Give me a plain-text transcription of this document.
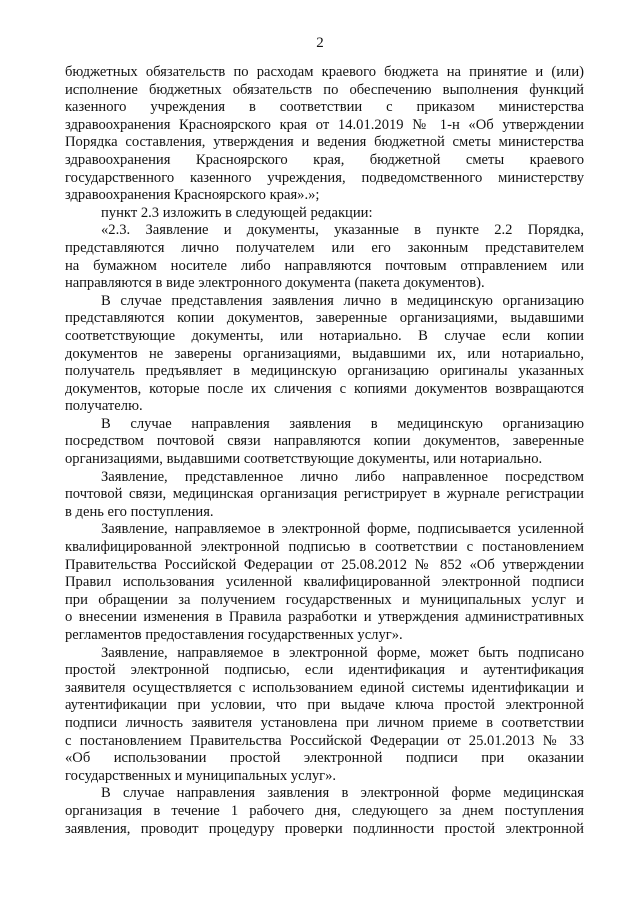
2
бюджетных обязательств по расходам краевого бюджета на принятие и (или)
исполнение бюджетных обязательств по обеспечению выполнения функций
казенного учреждения в соответствии с приказом министерства
здравоохранения Красноярского края от 14.01.2019 № 1-н «Об утверждении
Порядка составления, утверждения и ведения бюджетной сметы министерства
здравоохранения Красноярского края, бюджетной сметы краевого
государственного казенного учреждения, подведомственного министерству
здравоохранения Красноярского края».»;
пункт 2.3 изложить в следующей редакции:
«2.3. Заявление и документы, указанные в пункте 2.2 Порядка,
представляются лично получателем или его законным представителем
на бумажном носителе либо направляются почтовым отправлением или
направляются в виде электронного документа (пакета документов).
В случае представления заявления лично в медицинскую организацию
представляются копии документов, заверенные организациями, выдавшими
соответствующие документы, или нотариально. В случае если копии
документов не заверены организациями, выдавшими их, или нотариально,
получатель предъявляет в медицинскую организацию оригиналы указанных
документов, которые после их сличения с копиями документов возвращаются
получателю.
В случае направления заявления в медицинскую организацию
посредством почтовой связи направляются копии документов, заверенные
организациями, выдавшими соответствующие документы, или нотариально.
Заявление, представленное лично либо направленное посредством
почтовой связи, медицинская организация регистрирует в журнале регистрации
в день его поступления.
Заявление, направляемое в электронной форме, подписывается усиленной
квалифицированной электронной подписью в соответствии с постановлением
Правительства Российской Федерации от 25.08.2012 № 852 «Об утверждении
Правил использования усиленной квалифицированной электронной подписи
при обращении за получением государственных и муниципальных услуг и
о внесении изменения в Правила разработки и утверждения административных
регламентов предоставления государственных услуг».
Заявление, направляемое в электронной форме, может быть подписано
простой электронной подписью, если идентификация и аутентификация
заявителя осуществляется с использованием единой системы идентификации и
аутентификации при условии, что при выдаче ключа простой электронной
подписи личность заявителя установлена при личном приеме в соответствии
с постановлением Правительства Российской Федерации от 25.01.2013 № 33
«Об использовании простой электронной подписи при оказании
государственных и муниципальных услуг».
В случае направления заявления в электронной форме медицинская
организация в течение 1 рабочего дня, следующего за днем поступления
заявления, проводит процедуру проверки подлинности простой электронной
